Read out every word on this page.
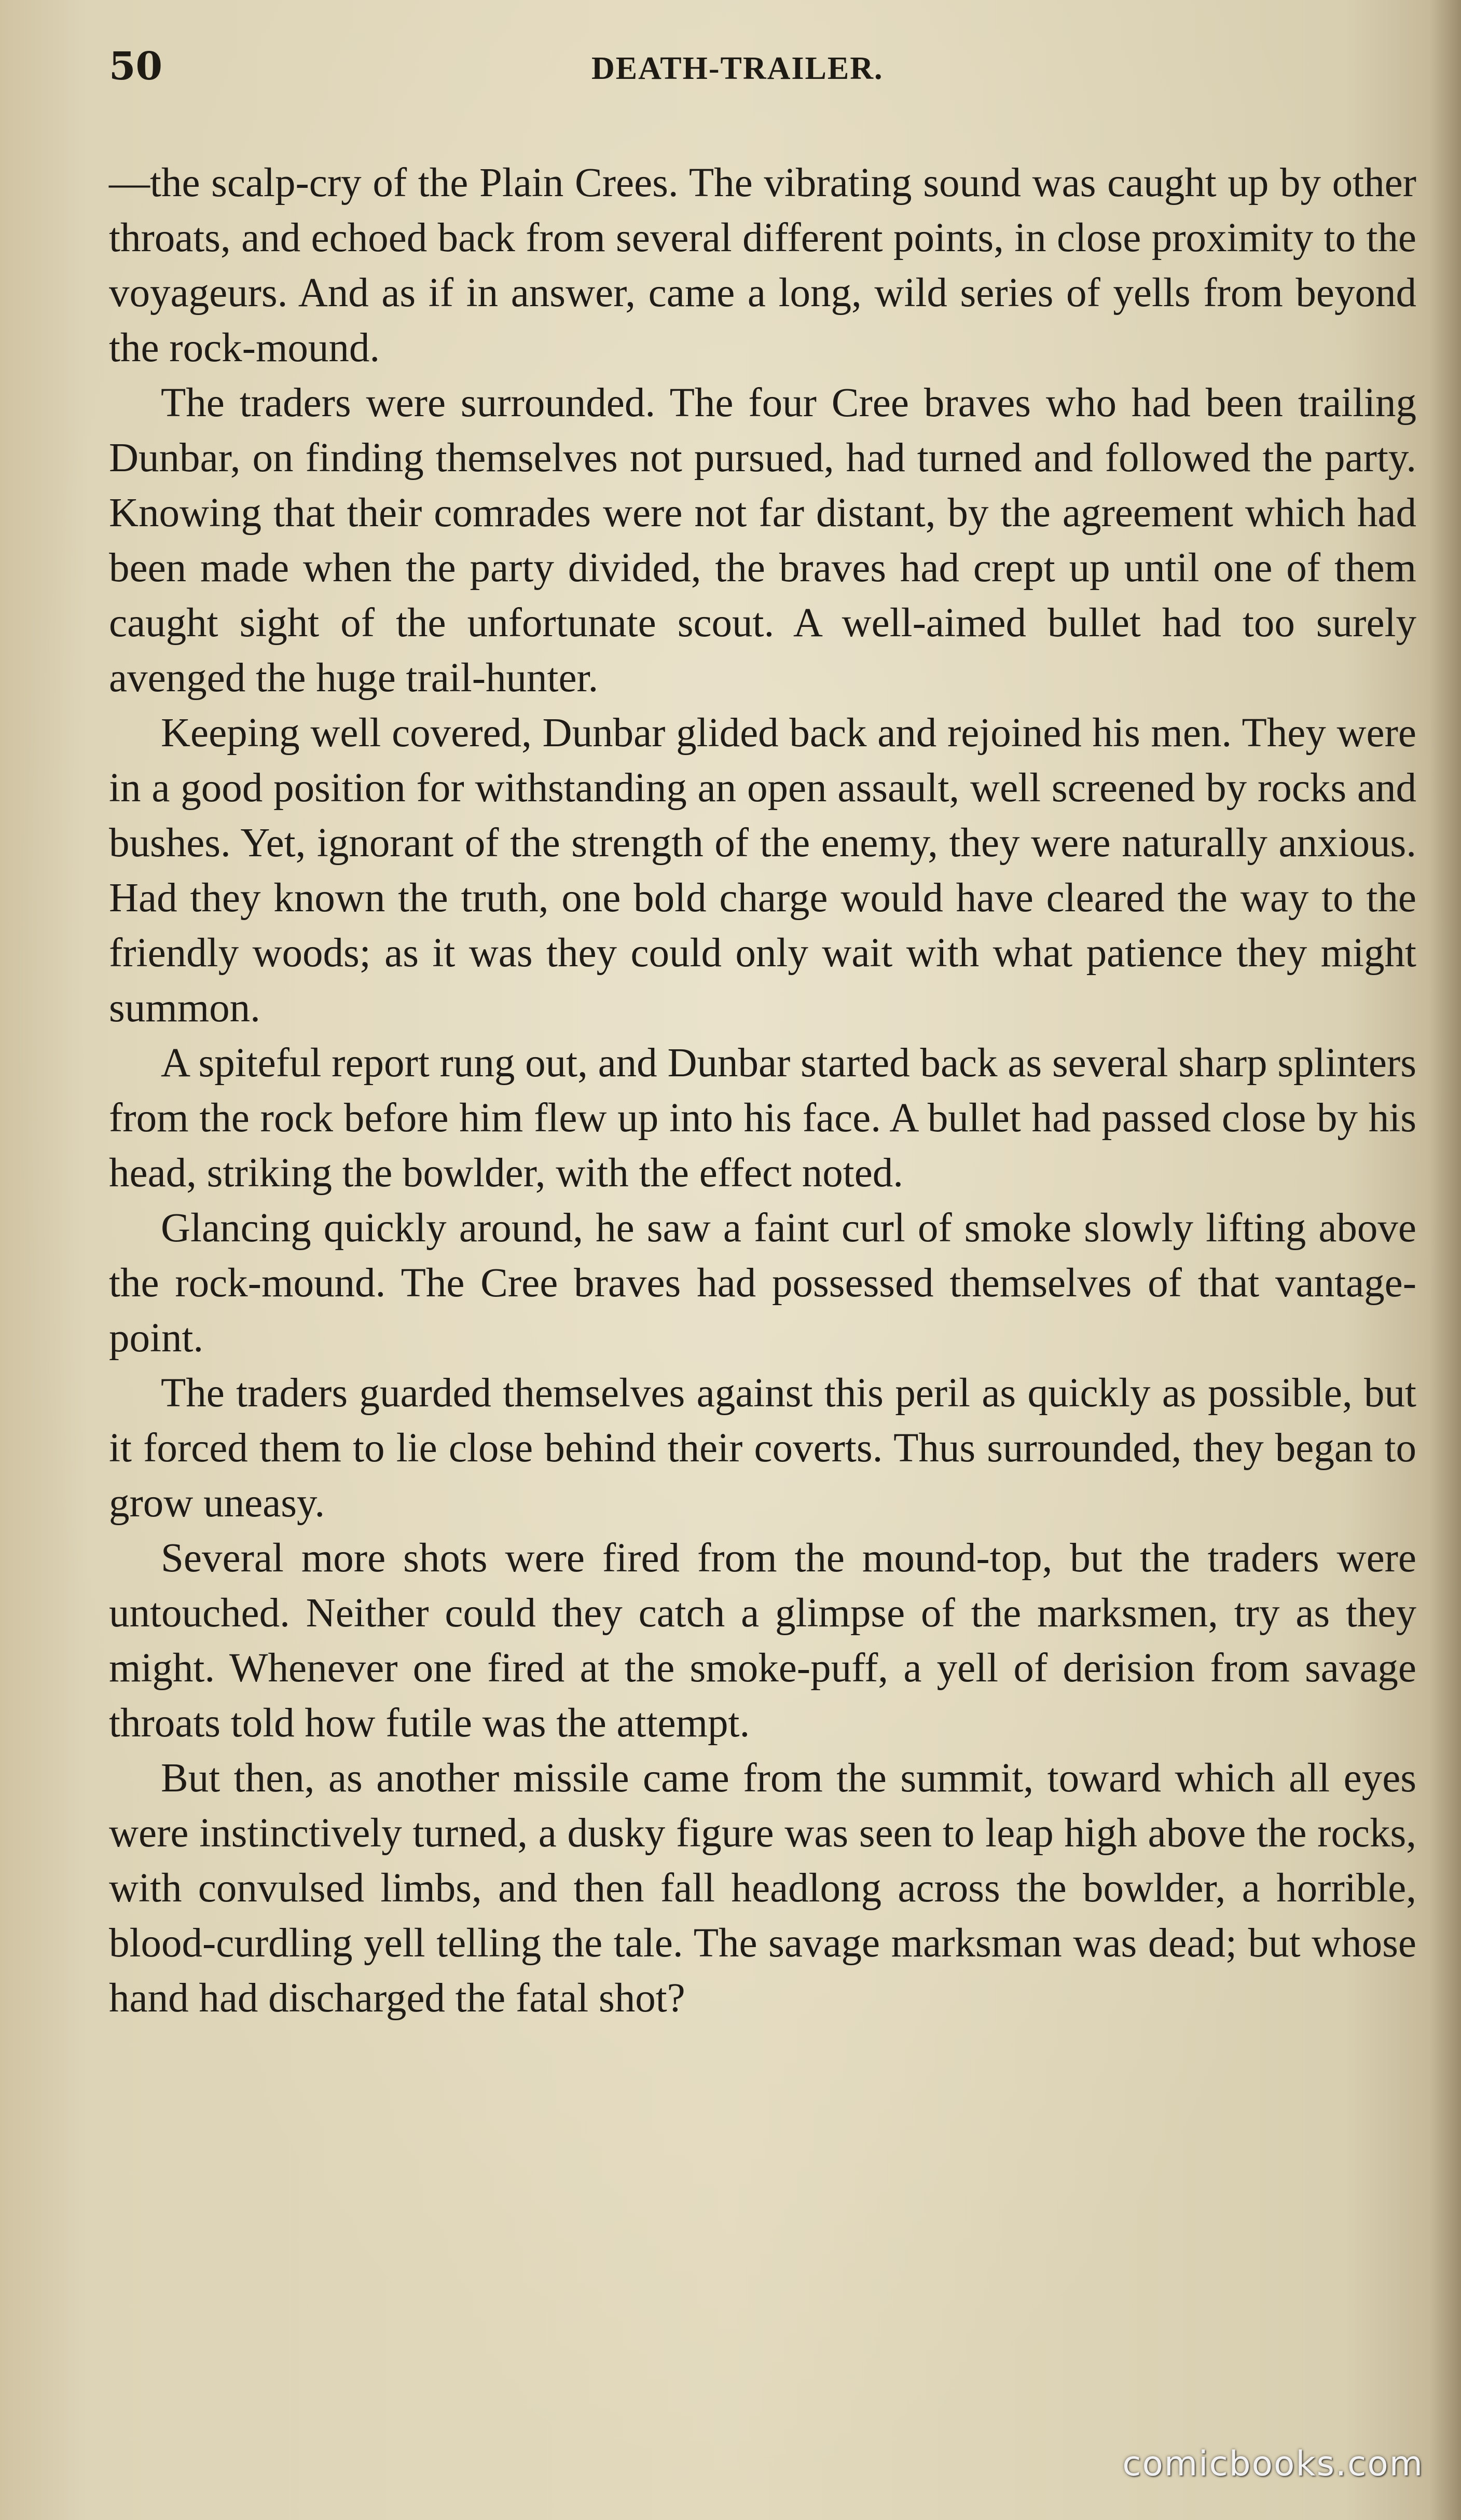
50	DEATH-TRAILER.

—the scalp-cry of the Plain Crees. The vibrating sound was caught up by other throats, and echoed back from several different points, in close proximity to the voyageurs. And as if in answer, came a long, wild series of yells from beyond the rock-mound.

The traders were surrounded. The four Cree braves who had been trailing Dunbar, on finding themselves not pursued, had turned and followed the party. Knowing that their comrades were not far distant, by the agreement which had been made when the party divided, the braves had crept up until one of them caught sight of the unfortunate scout. A well-aimed bullet had too surely avenged the huge trail-hunter.

Keeping well covered, Dunbar glided back and rejoined his men. They were in a good position for withstanding an open assault, well screened by rocks and bushes. Yet, ignorant of the strength of the enemy, they were naturally anxious. Had they known the truth, one bold charge would have cleared the way to the friendly woods; as it was they could only wait with what patience they might summon.

A spiteful report rung out, and Dunbar started back as several sharp splinters from the rock before him flew up into his face. A bullet had passed close by his head, striking the bowlder, with the effect noted.

Glancing quickly around, he saw a faint curl of smoke slowly lifting above the rock-mound. The Cree braves had possessed themselves of that vantage-point.

The traders guarded themselves against this peril as quickly as possible, but it forced them to lie close behind their coverts. Thus surrounded, they began to grow uneasy.

Several more shots were fired from the mound-top, but the traders were untouched. Neither could they catch a glimpse of the marksmen, try as they might. Whenever one fired at the smoke-puff, a yell of derision from savage throats told how futile was the attempt.

But then, as another missile came from the summit, toward which all eyes were instinctively turned, a dusky figure was seen to leap high above the rocks, with convulsed limbs, and then fall headlong across the bowlder, a horrible, blood-curdling yell telling the tale. The savage marksman was dead; but whose hand had discharged the fatal shot?

comicbooks.com
